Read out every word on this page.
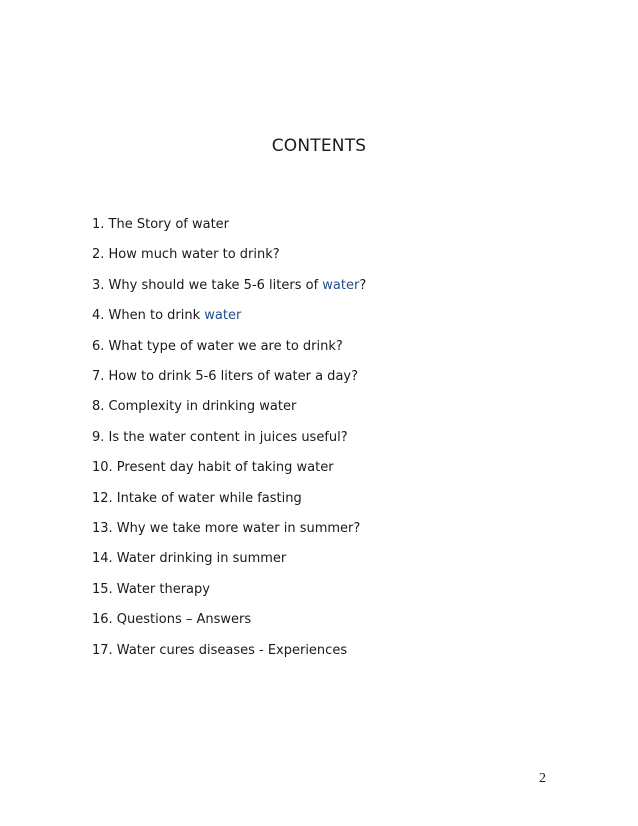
CONTENTS
1. The Story of water
2. How much water to drink?
3. Why should we take 5-6 liters of water?
4. When to drink water
6. What type of water we are to drink?
7. How to drink 5-6 liters of water a day?
8. Complexity in drinking water
9. Is the water content in juices useful?
10. Present day habit of taking water
12. Intake of water while fasting
13. Why we take more water in summer?
14. Water drinking in summer
15. Water therapy
16. Questions – Answers
17. Water cures diseases - Experiences
2
